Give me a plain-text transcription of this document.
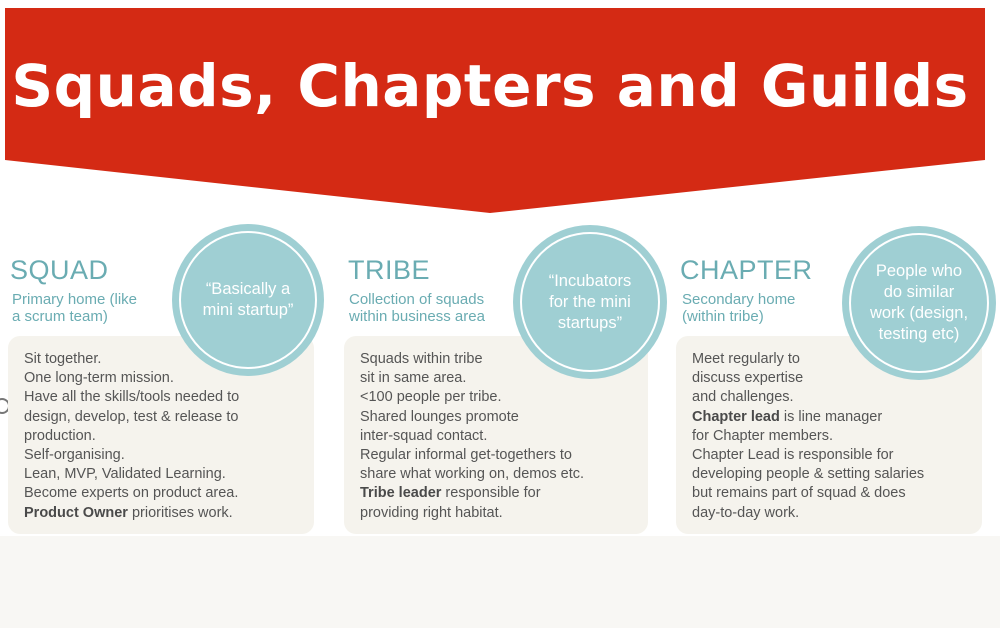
Squads, Chapters and Guilds
SQUAD
Primary home (like
a scrum team)
Sit together.
One long-term mission.
Have all the skills/tools needed to
design, develop, test & release to
production.
Self-organising.
Lean, MVP, Validated Learning.
Become experts on product area.
Product Owner prioritises work.
“Basically a
mini startup”
TRIBE
Collection of squads
within business area
Squads within tribe
sit in same area.
<100 people per tribe.
Shared lounges promote
inter-squad contact.
Regular informal get-togethers to
share what working on, demos etc.
Tribe leader responsible for
providing right habitat.
“Incubators
for the mini
startups”
CHAPTER
Secondary home
(within tribe)
Meet regularly to
discuss expertise
and challenges.
Chapter lead is line manager
for Chapter members.
Chapter Lead is responsible for
developing people & setting salaries
but remains part of squad & does
day-to-day work.
People who
do similar
work (design,
testing etc)
